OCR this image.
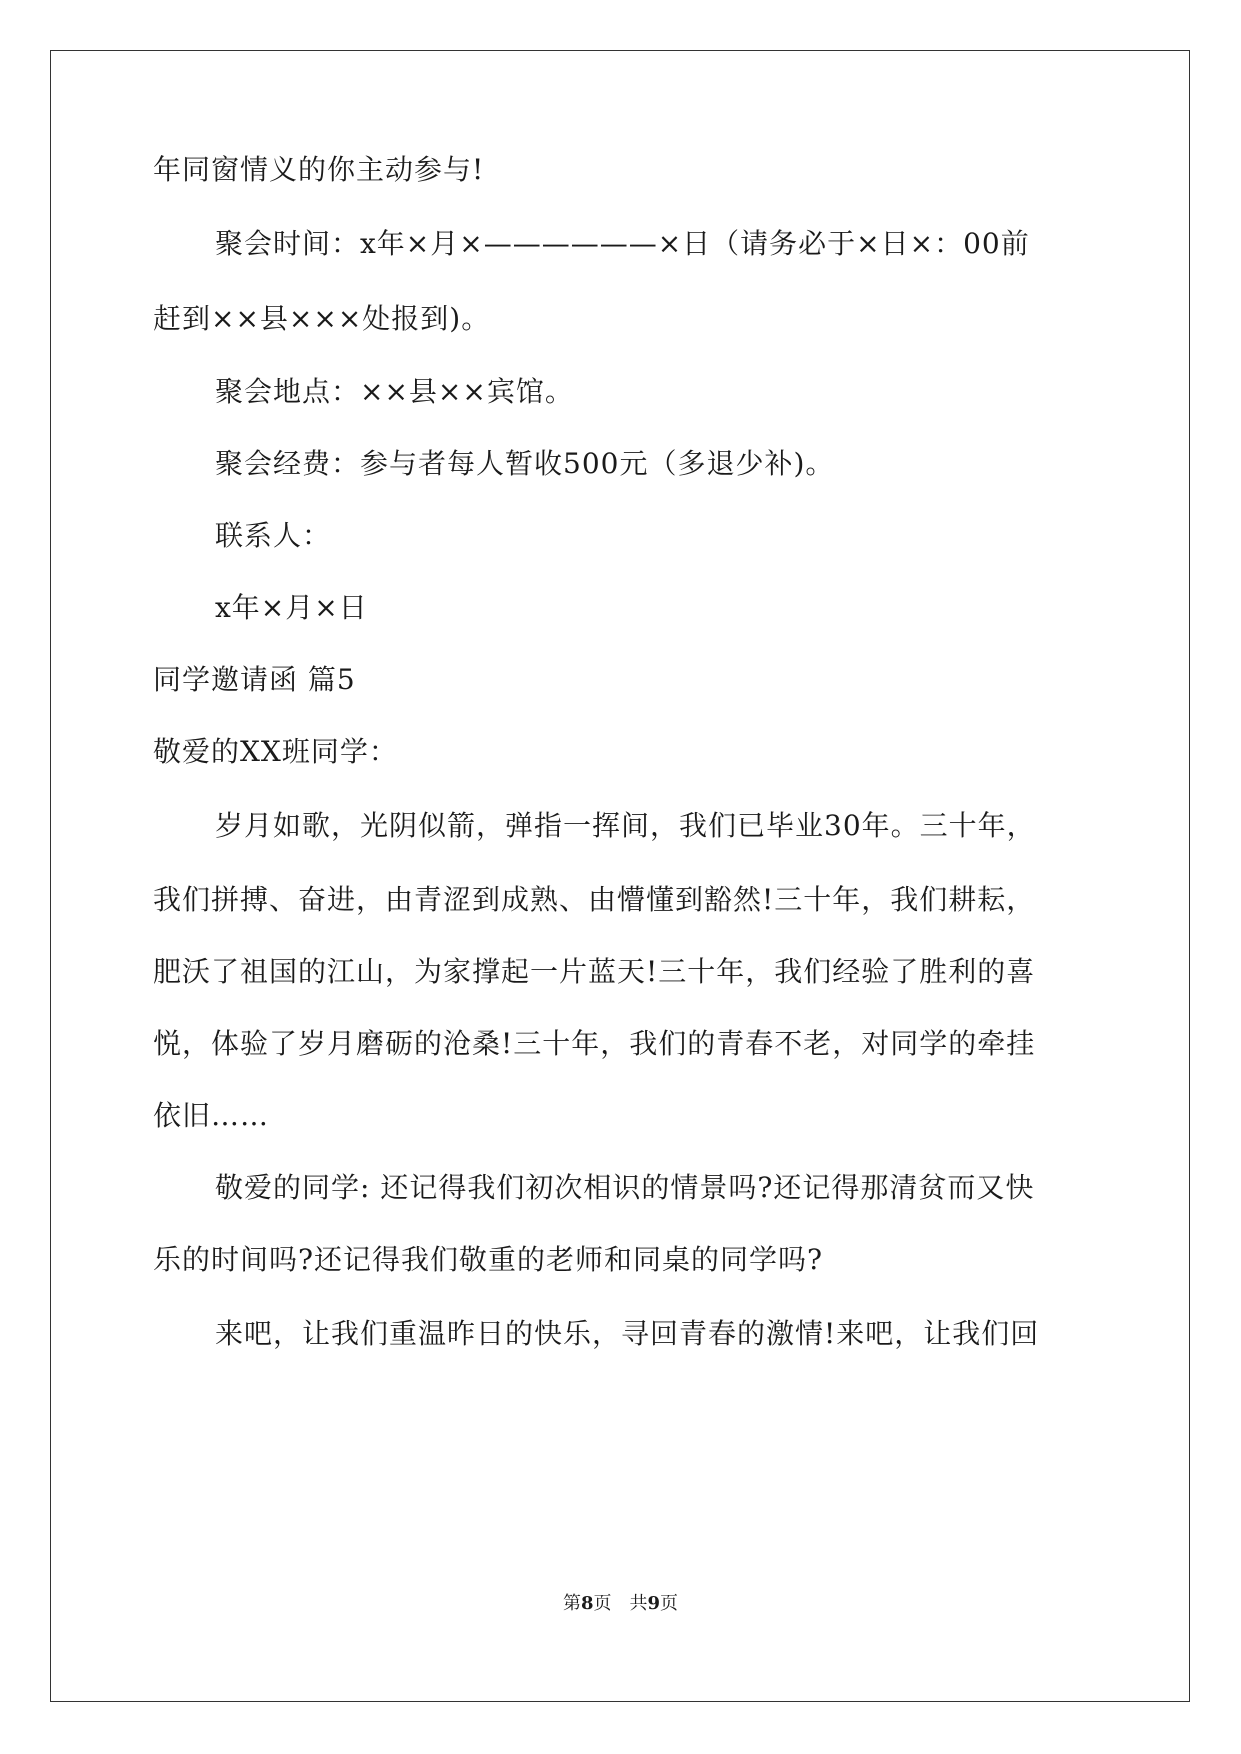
年同窗情义的你主动参与!
聚会时间：x年×月×——————×日（请务必于×日×：00前
赶到××县×××处报到)。
聚会地点：××县××宾馆。
聚会经费：参与者每人暂收500元（多退少补)。
联系人：
x年×月×日
同学邀请函 篇5
敬爱的XX班同学：
岁月如歌，光阴似箭，弹指一挥间，我们已毕业30年。三十年，
我们拼搏、奋进，由青涩到成熟、由懵懂到豁然!三十年，我们耕耘，
肥沃了祖国的江山，为家撑起一片蓝天!三十年，我们经验了胜利的喜
悦，体验了岁月磨砺的沧桑!三十年，我们的青春不老，对同学的牵挂
依旧……
敬爱的同学: 还记得我们初次相识的情景吗?还记得那清贫而又快
乐的时间吗?还记得我们敬重的老师和同桌的同学吗?
来吧，让我们重温昨日的快乐，寻回青春的激情!来吧，让我们回
第8页　共9页
